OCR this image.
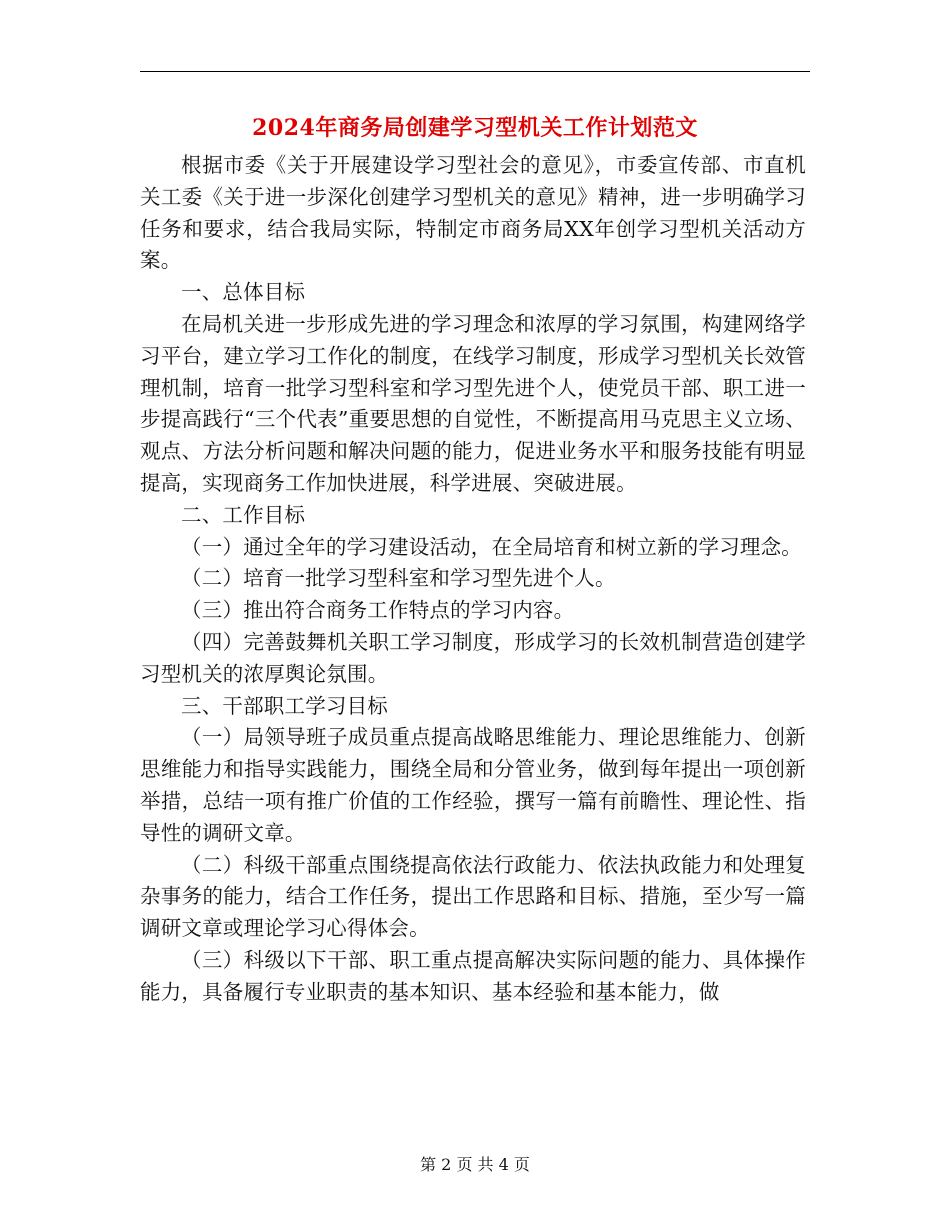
2024年商务局创建学习型机关工作计划范文

根据市委《关于开展建设学习型社会的意见》，市委宣传部、市直机关工委《关于进一步深化创建学习型机关的意见》精神，进一步明确学习任务和要求，结合我局实际，特制定市商务局XX年创学习型机关活动方案。

一、总体目标

在局机关进一步形成先进的学习理念和浓厚的学习氛围，构建网络学习平台，建立学习工作化的制度，在线学习制度，形成学习型机关长效管理机制，培育一批学习型科室和学习型先进个人，使党员干部、职工进一步提高践行“三个代表”重要思想的自觉性，不断提高用马克思主义立场、观点、方法分析问题和解决问题的能力，促进业务水平和服务技能有明显提高，实现商务工作加快进展，科学进展、突破进展。

二、工作目标

（一）通过全年的学习建设活动，在全局培育和树立新的学习理念。

（二）培育一批学习型科室和学习型先进个人。

（三）推出符合商务工作特点的学习内容。

（四）完善鼓舞机关职工学习制度，形成学习的长效机制营造创建学习型机关的浓厚舆论氛围。

三、干部职工学习目标

（一）局领导班子成员重点提高战略思维能力、理论思维能力、创新思维能力和指导实践能力，围绕全局和分管业务，做到每年提出一项创新举措，总结一项有推广价值的工作经验，撰写一篇有前瞻性、理论性、指导性的调研文章。

（二）科级干部重点围绕提高依法行政能力、依法执政能力和处理复杂事务的能力，结合工作任务，提出工作思路和目标、措施，至少写一篇调研文章或理论学习心得体会。

（三）科级以下干部、职工重点提高解决实际问题的能力、具体操作能力，具备履行专业职责的基本知识、基本经验和基本能力，做

第 2 页 共 4 页
